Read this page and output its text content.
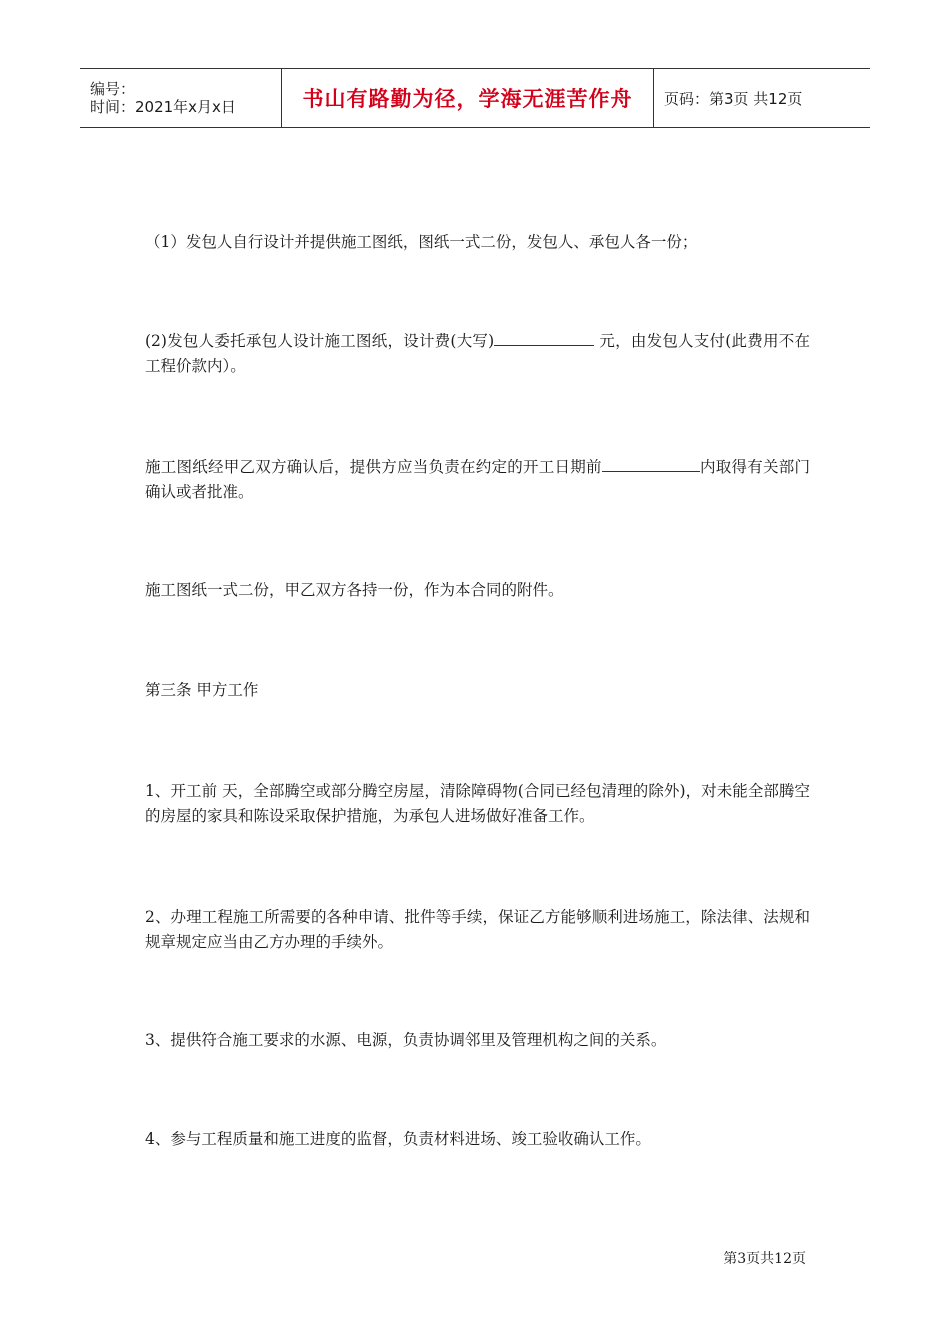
编号：
时间：2021年x月x日	书山有路勤为径，学海无涯苦作舟 页码：第3页 共12页

（1）发包人自行设计并提供施工图纸，图纸一式二份，发包人、承包人各一份；

(2)发包人委托承包人设计施工图纸，设计费(大写)	元，由发包人支付(此费用不在工程价款内）。

施工图纸经甲乙双方确认后，提供方应当负责在约定的开工日期前	内取得有关部门确认或者批准。

施工图纸一式二份，甲乙双方各持一份，作为本合同的附件。

第三条 甲方工作

1、开工前 天，全部腾空或部分腾空房屋，清除障碍物(合同已经包清理的除外)，对未能全部腾空的房屋的家具和陈设采取保护措施，为承包人进场做好准备工作。

2、办理工程施工所需要的各种申请、批件等手续，保证乙方能够顺利进场施工，除法律、法规和规章规定应当由乙方办理的手续外。

3、提供符合施工要求的水源、电源，负责协调邻里及管理机构之间的关系。

4、参与工程质量和施工进度的监督，负责材料进场、竣工验收确认工作。

第3页共12页
